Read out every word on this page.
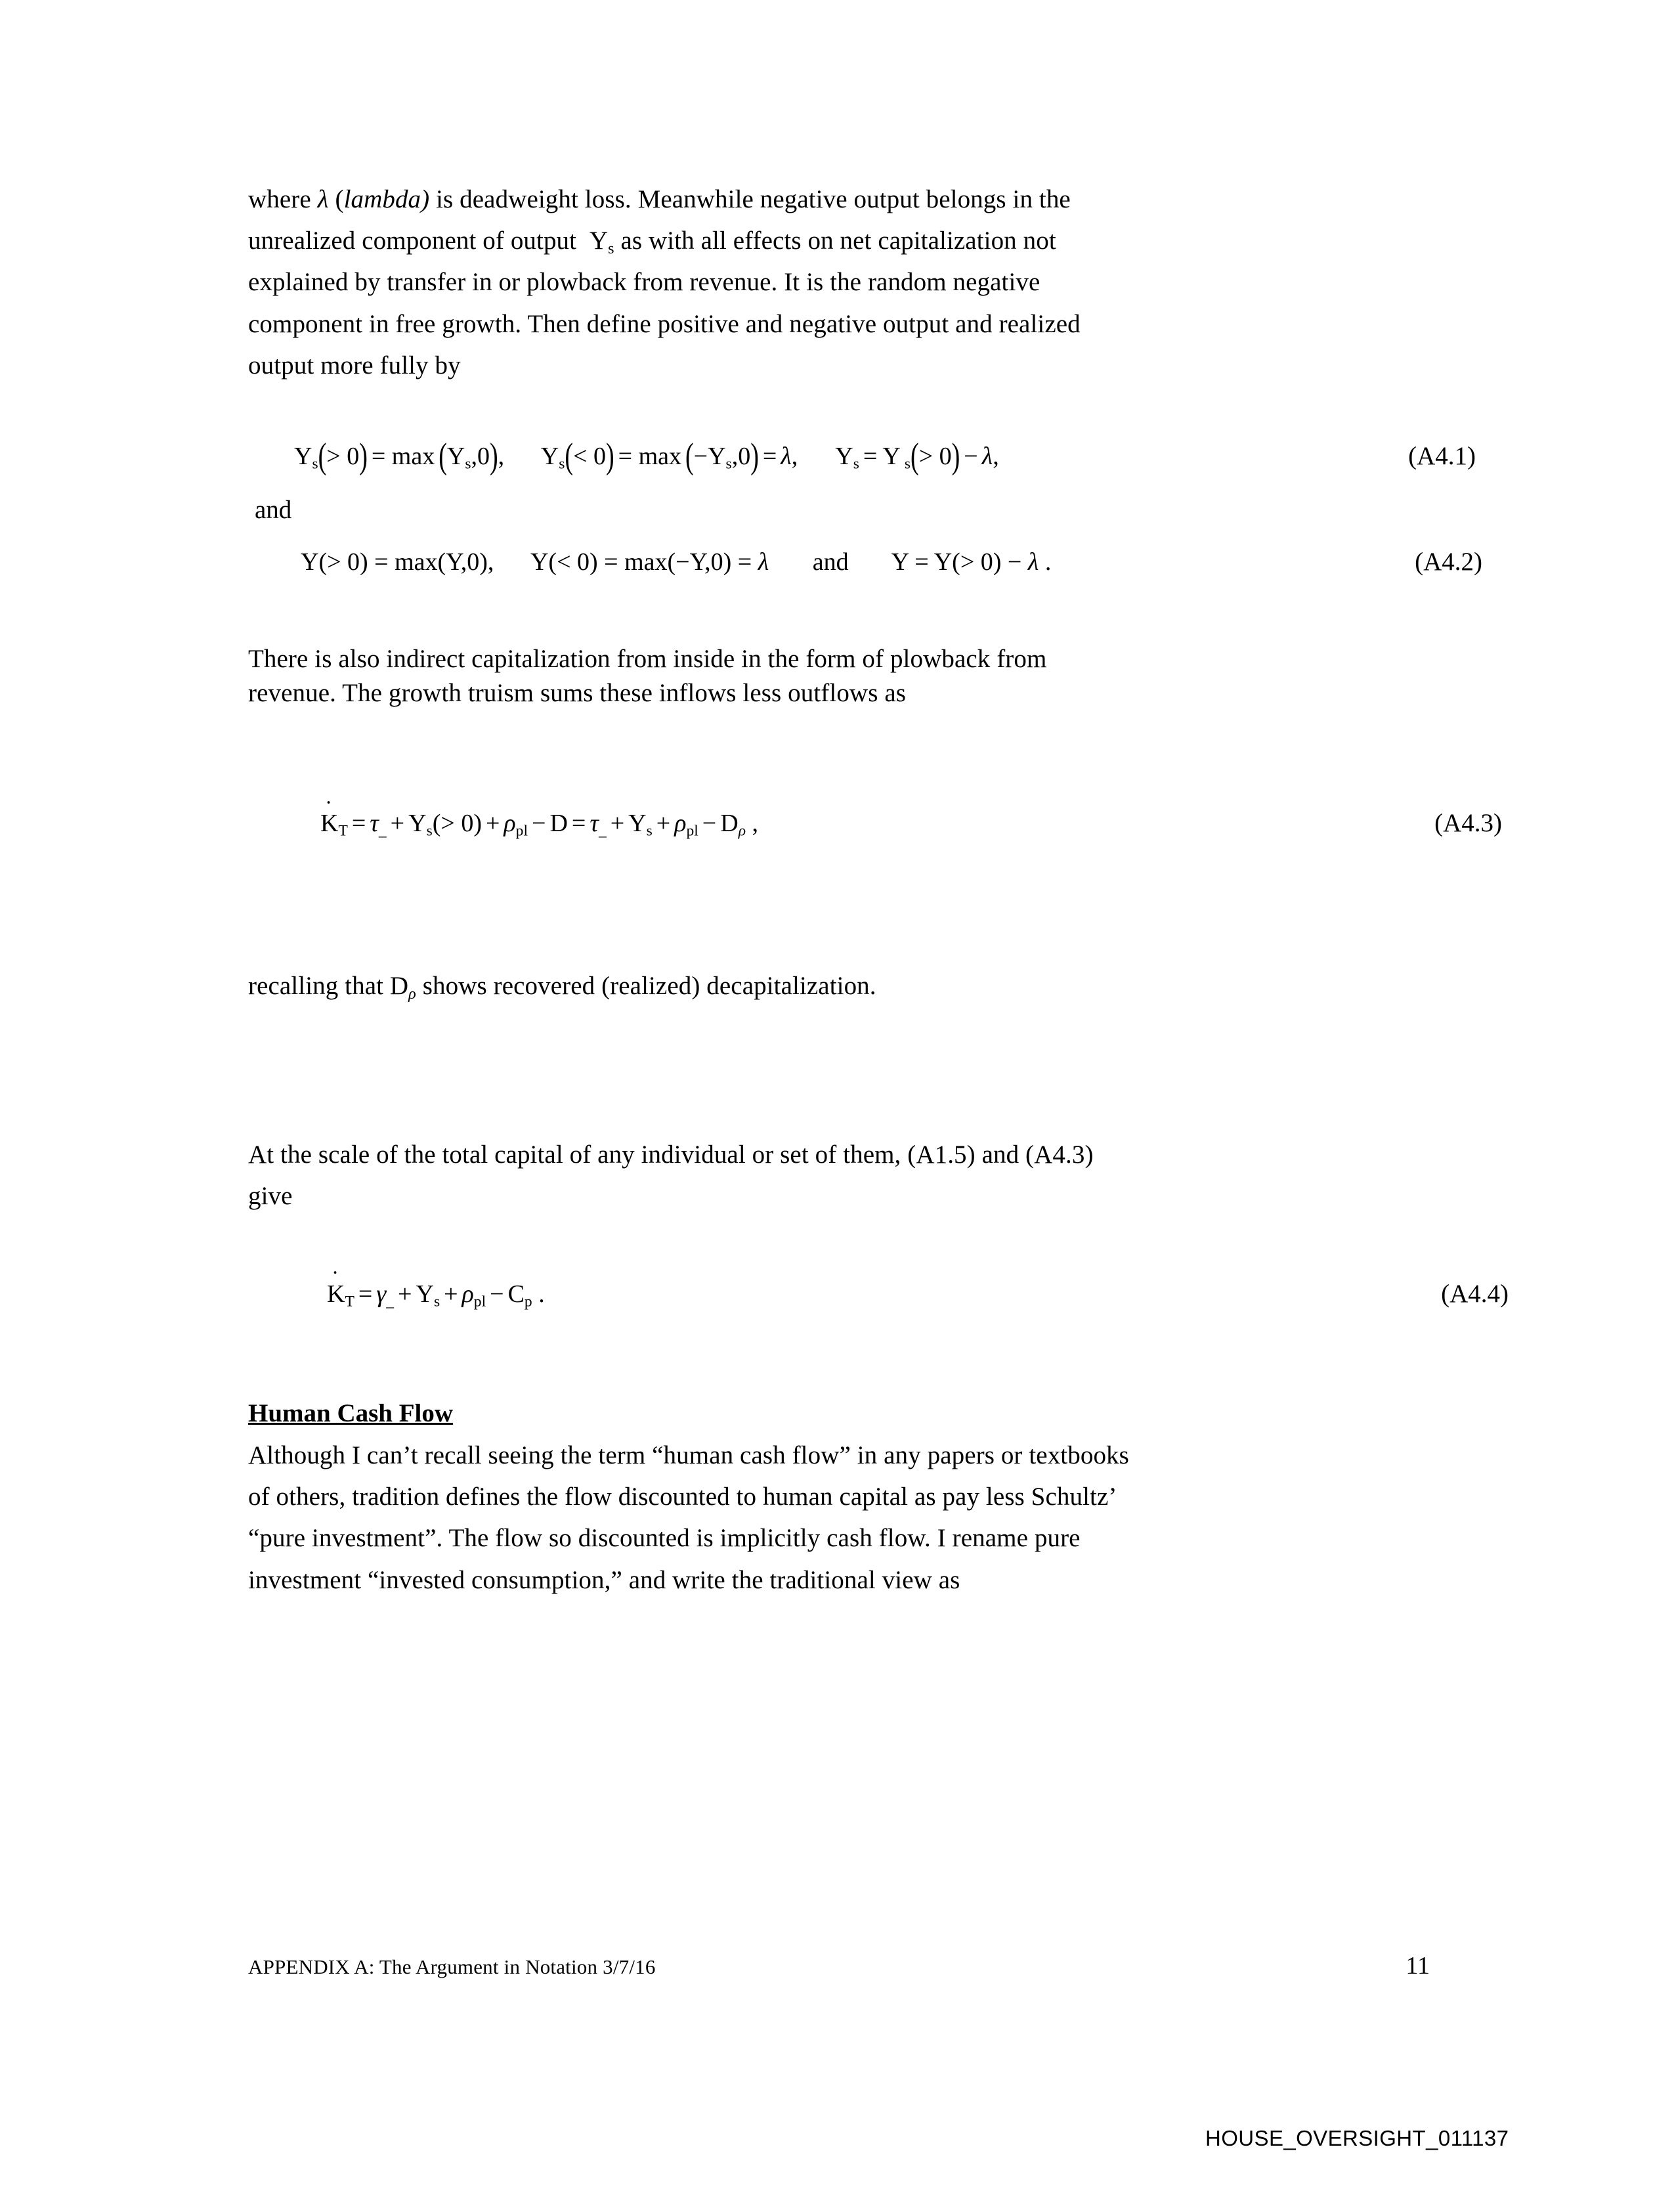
where λ (lambda) is deadweight loss. Meanwhile negative output belongs in the
unrealized component of output $Y_s$ as with all effects on net capitalization not
explained by transfer in or plowback from revenue. It is the random negative
component in free growth. Then define positive and negative output and realized
output more fully by
$Y_s(> 0) = \max (Y_s,0)$, $Y_s(< 0) = \max (-Y_s,0) = \lambda$, $Y_s = Y$ $_s$(> 0) − λ,	(A4.1)
and
Y(> 0) = max(Y,0), Y(< 0) = max(−Y,0) = λ and Y = Y(> 0) − λ .	(A4.2)
There is also indirect capitalization from inside in the form of plowback from
revenue. The growth truism sums these inflows less outflows as
˙ $K_T = \tau_{\_} + Y_s(> 0) + \rho_{pl} - D = \tau_{\_} + Y_s + \rho_{pl} - D_\rho$ ,	(A4.3)
recalling that $D_\rho$ shows recovered (realized) decapitalization.
At the scale of the total capital of any individual or set of them, (A1.5) and (A4.3)
give
˙ $K_T = \gamma_{\_} + Y_s + \rho_{pl} - C_p$ .	(A4.4)
Human Cash Flow
Although I can’t recall seeing the term “human cash flow” in any papers or textbooks
of others, tradition defines the flow discounted to human capital as pay less Schultz’
“pure investment”. The flow so discounted is implicitly cash flow. I rename pure
investment “invested consumption,” and write the traditional view as
APPENDIX A: The Argument in Notation 3/7/16	11
HOUSE_OVERSIGHT_011137
